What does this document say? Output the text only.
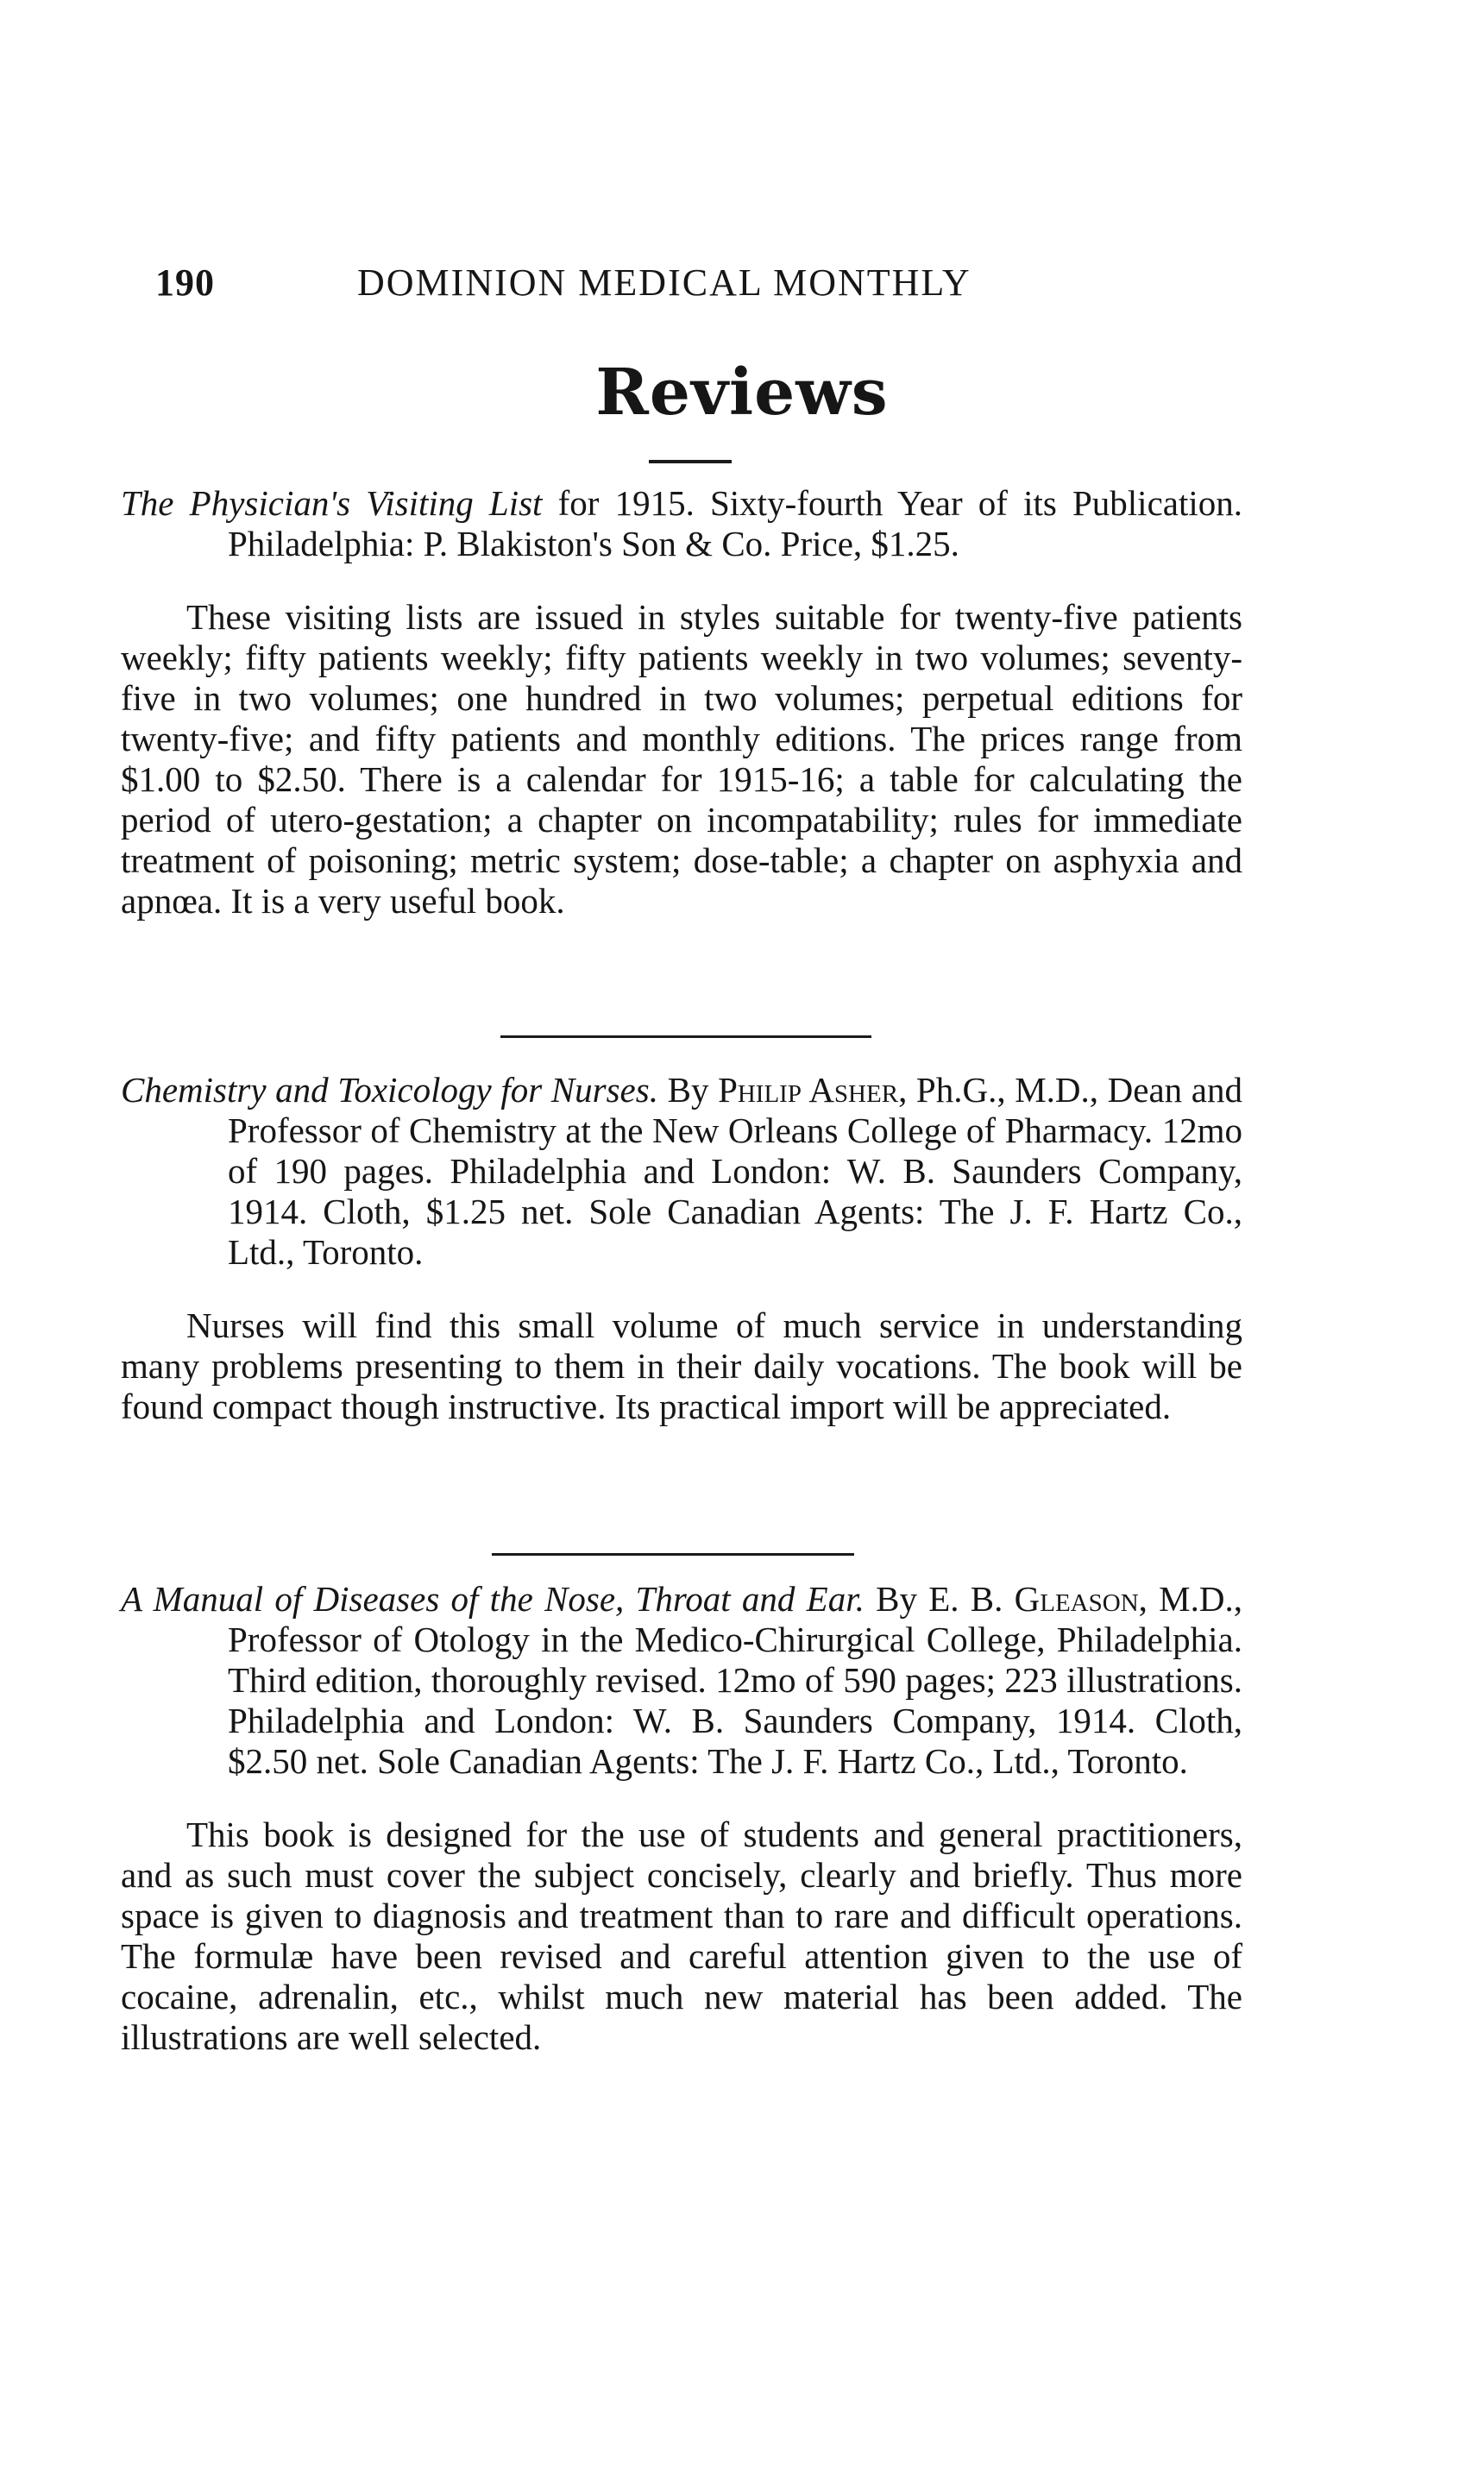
190	DOMINION MEDICAL MONTHLY
Reviews

The Physician's Visiting List for 1915. Sixty-fourth Year of its Publication. Philadelphia: P. Blakiston's Son & Co. Price, $1.25.

These visiting lists are issued in styles suitable for twenty-five patients weekly; fifty patients weekly; fifty patients weekly in two volumes; seventy-five in two volumes; one hundred in two volumes; perpetual editions for twenty-five; and fifty patients and monthly editions. The prices range from $1.00 to $2.50. There is a calendar for 1915-16; a table for calculating the period of utero-gestation; a chapter on incompatability; rules for immediate treatment of poisoning; metric system; dose-table; a chapter on asphyxia and apnœa. It is a very useful book.

Chemistry and Toxicology for Nurses. By Philip Asher, Ph.G., M.D., Dean and Professor of Chemistry at the New Orleans College of Pharmacy. 12mo of 190 pages. Philadelphia and London: W. B. Saunders Company, 1914. Cloth, $1.25 net. Sole Canadian Agents: The J. F. Hartz Co., Ltd., Toronto.

Nurses will find this small volume of much service in understanding many problems presenting to them in their daily vocations. The book will be found compact though instructive. Its practical import will be appreciated.

A Manual of Diseases of the Nose, Throat and Ear. By E. B. Gleason, M.D., Professor of Otology in the Medico-Chirurgical College, Philadelphia. Third edition, thoroughly revised. 12mo of 590 pages; 223 illustrations. Philadelphia and London: W. B. Saunders Company, 1914. Cloth, $2.50 net. Sole Canadian Agents: The J. F. Hartz Co., Ltd., Toronto.

This book is designed for the use of students and general practitioners, and as such must cover the subject concisely, clearly and briefly. Thus more space is given to diagnosis and treatment than to rare and difficult operations. The formulæ have been revised and careful attention given to the use of cocaine, adrenalin, etc., whilst much new material has been added. The illustrations are well selected.
